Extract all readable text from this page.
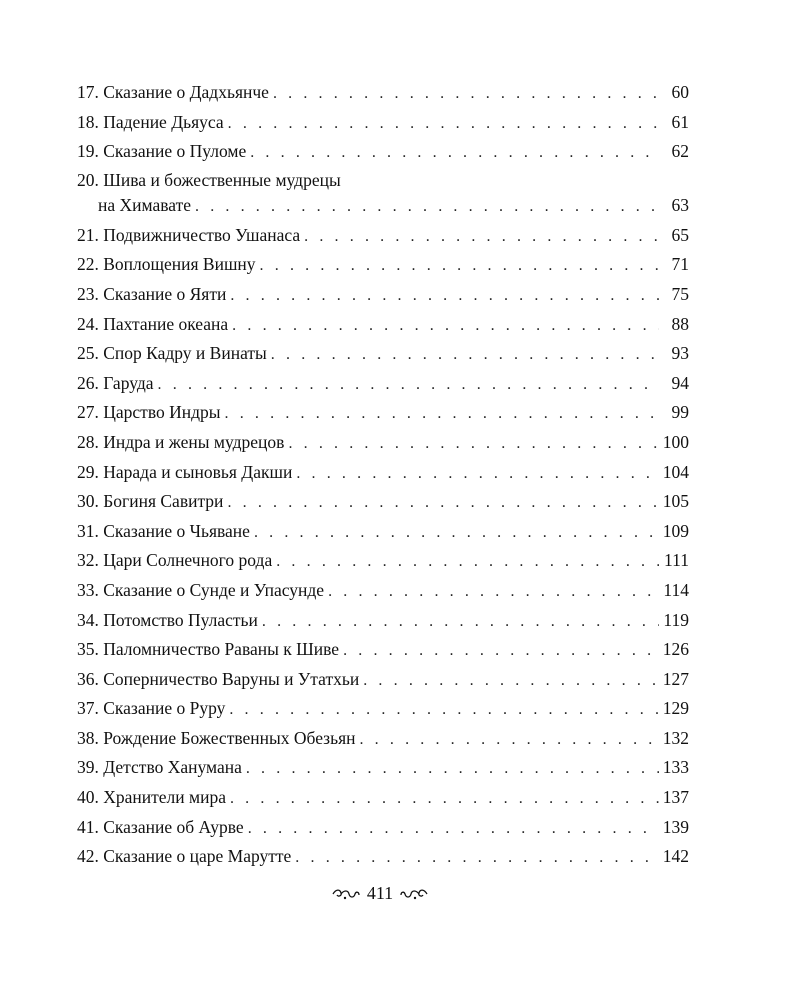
17. Сказание о Дадхьянче . . .	60
18. Падение Дьяуса . . .	61
19. Сказание о Пуломе . . .	62
20. Шива и божественные мудрецы
на Химавате . . .	63
21. Подвижничество Ушанаса . . .	65
22. Воплощения Вишну . . .	71
23. Сказание о Яяти . . .	75
24. Пахтание океана . . .	88
25. Спор Кадру и Винаты . . .	93
26. Гаруда . . .	94
27. Царство Индры . . .	99
28. Индра и жены мудрецов . . .	100
29. Нарада и сыновья Дакши . . .	104
30. Богиня Савитри . . .	105
31. Сказание о Чьяване . . .	109
32. Цари Солнечного рода . . .	111
33. Сказание о Сунде и Упасунде . . .	114
34. Потомство Пуластьи . . .	119
35. Паломничество Раваны к Шиве . . .	126
36. Соперничество Варуны и Утатхьи . . .	127
37. Сказание о Руру . . .	129
38. Рождение Божественных Обезьян . . .	132
39. Детство Ханумана . . .	133
40. Хранители мира . . .	137
41. Сказание об Аурве . . .	139
42. Сказание о царе Марутте . . .	142
411
